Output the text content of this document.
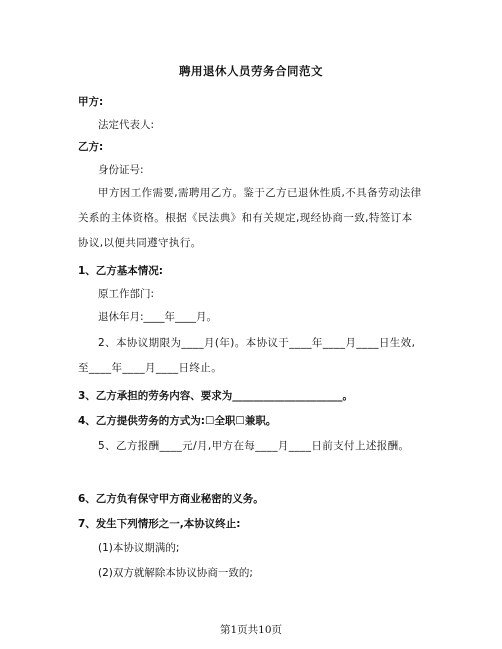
聘用退休人员劳务合同范文
甲方:
法定代表人:
乙方:
身份证号:
甲方因工作需要,需聘用乙方。鉴于乙方已退休性质,不具备劳动法律关系的主体资格。根据《民法典》和有关规定,现经协商一致,特签订本协议,以便共同遵守执行。
1、乙方基本情况:
原工作部门:
退休年月:____年____月。
2、本协议期限为____月(年)。本协议于____年____月____日生效,至____年____月____日终止。
3、乙方承担的劳务内容、要求为_____________________。
4、乙方提供劳务的方式为:☐全职☐兼职。
5、乙方报酬____元/月,甲方在每____月____日前支付上述报酬。
6、乙方负有保守甲方商业秘密的义务。
7、发生下列情形之一,本协议终止:
(1)本协议期满的;
(2)双方就解除本协议协商一致的;
第1页共10页
